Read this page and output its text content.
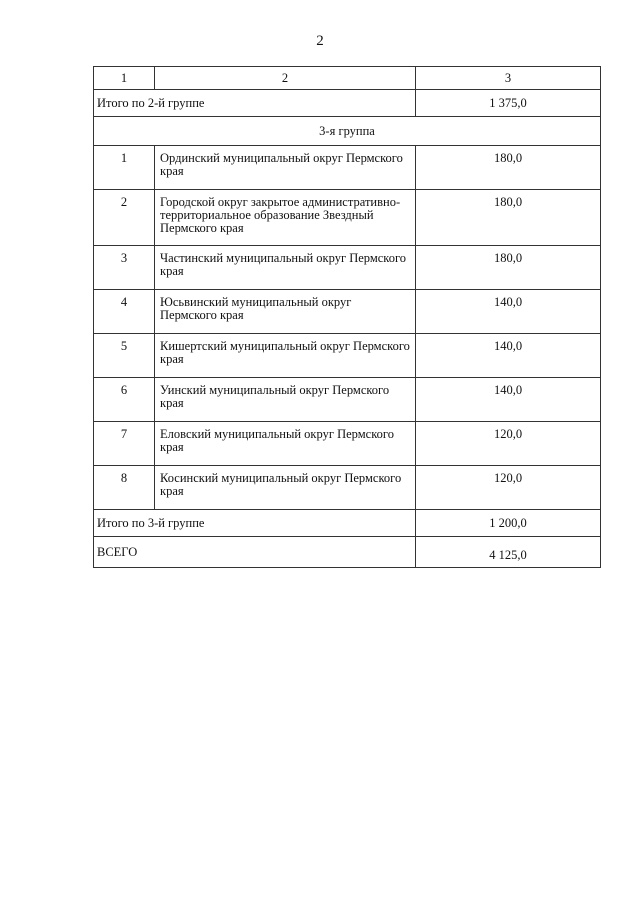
2
1	2	3
Итого по 2-й группе		1 375,0
3-я группа		
1	Ординский муниципальный округ Пермского края	180,0
2	Городской округ закрытое административно-территориальное образование Звездный Пермского края	180,0
3	Частинский муниципальный округ Пермского края	180,0
4	Юсьвинский муниципальный округ Пермского края	140,0
5	Кишертский муниципальный округ Пермского края	140,0
6	Уинский муниципальный округ Пермского края	140,0
7	Еловский муниципальный округ Пермского края	120,0
8	Косинский муниципальный округ Пермского края	120,0
Итого по 3-й группе		1 200,0
ВСЕГО		4 125,0
